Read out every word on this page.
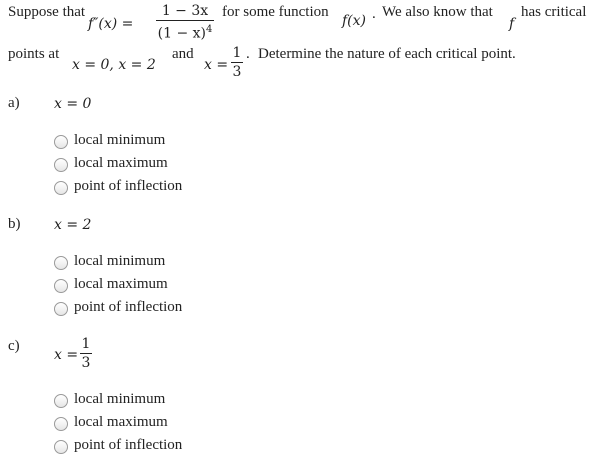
Suppose that
f″(x) =
1 − 3x
$(1 - x)^4$
for some function
f(x) . We also know that
f
has critical
points at
x = 0, x = 2
and
x =
1
3
. Determine the nature of each critical point.
a) x = 0
local minimum
local maximum
point of inflection
b) x = 2
local minimum
local maximum
point of inflection
c)
x =
1
3
local minimum
local maximum
point of inflection
